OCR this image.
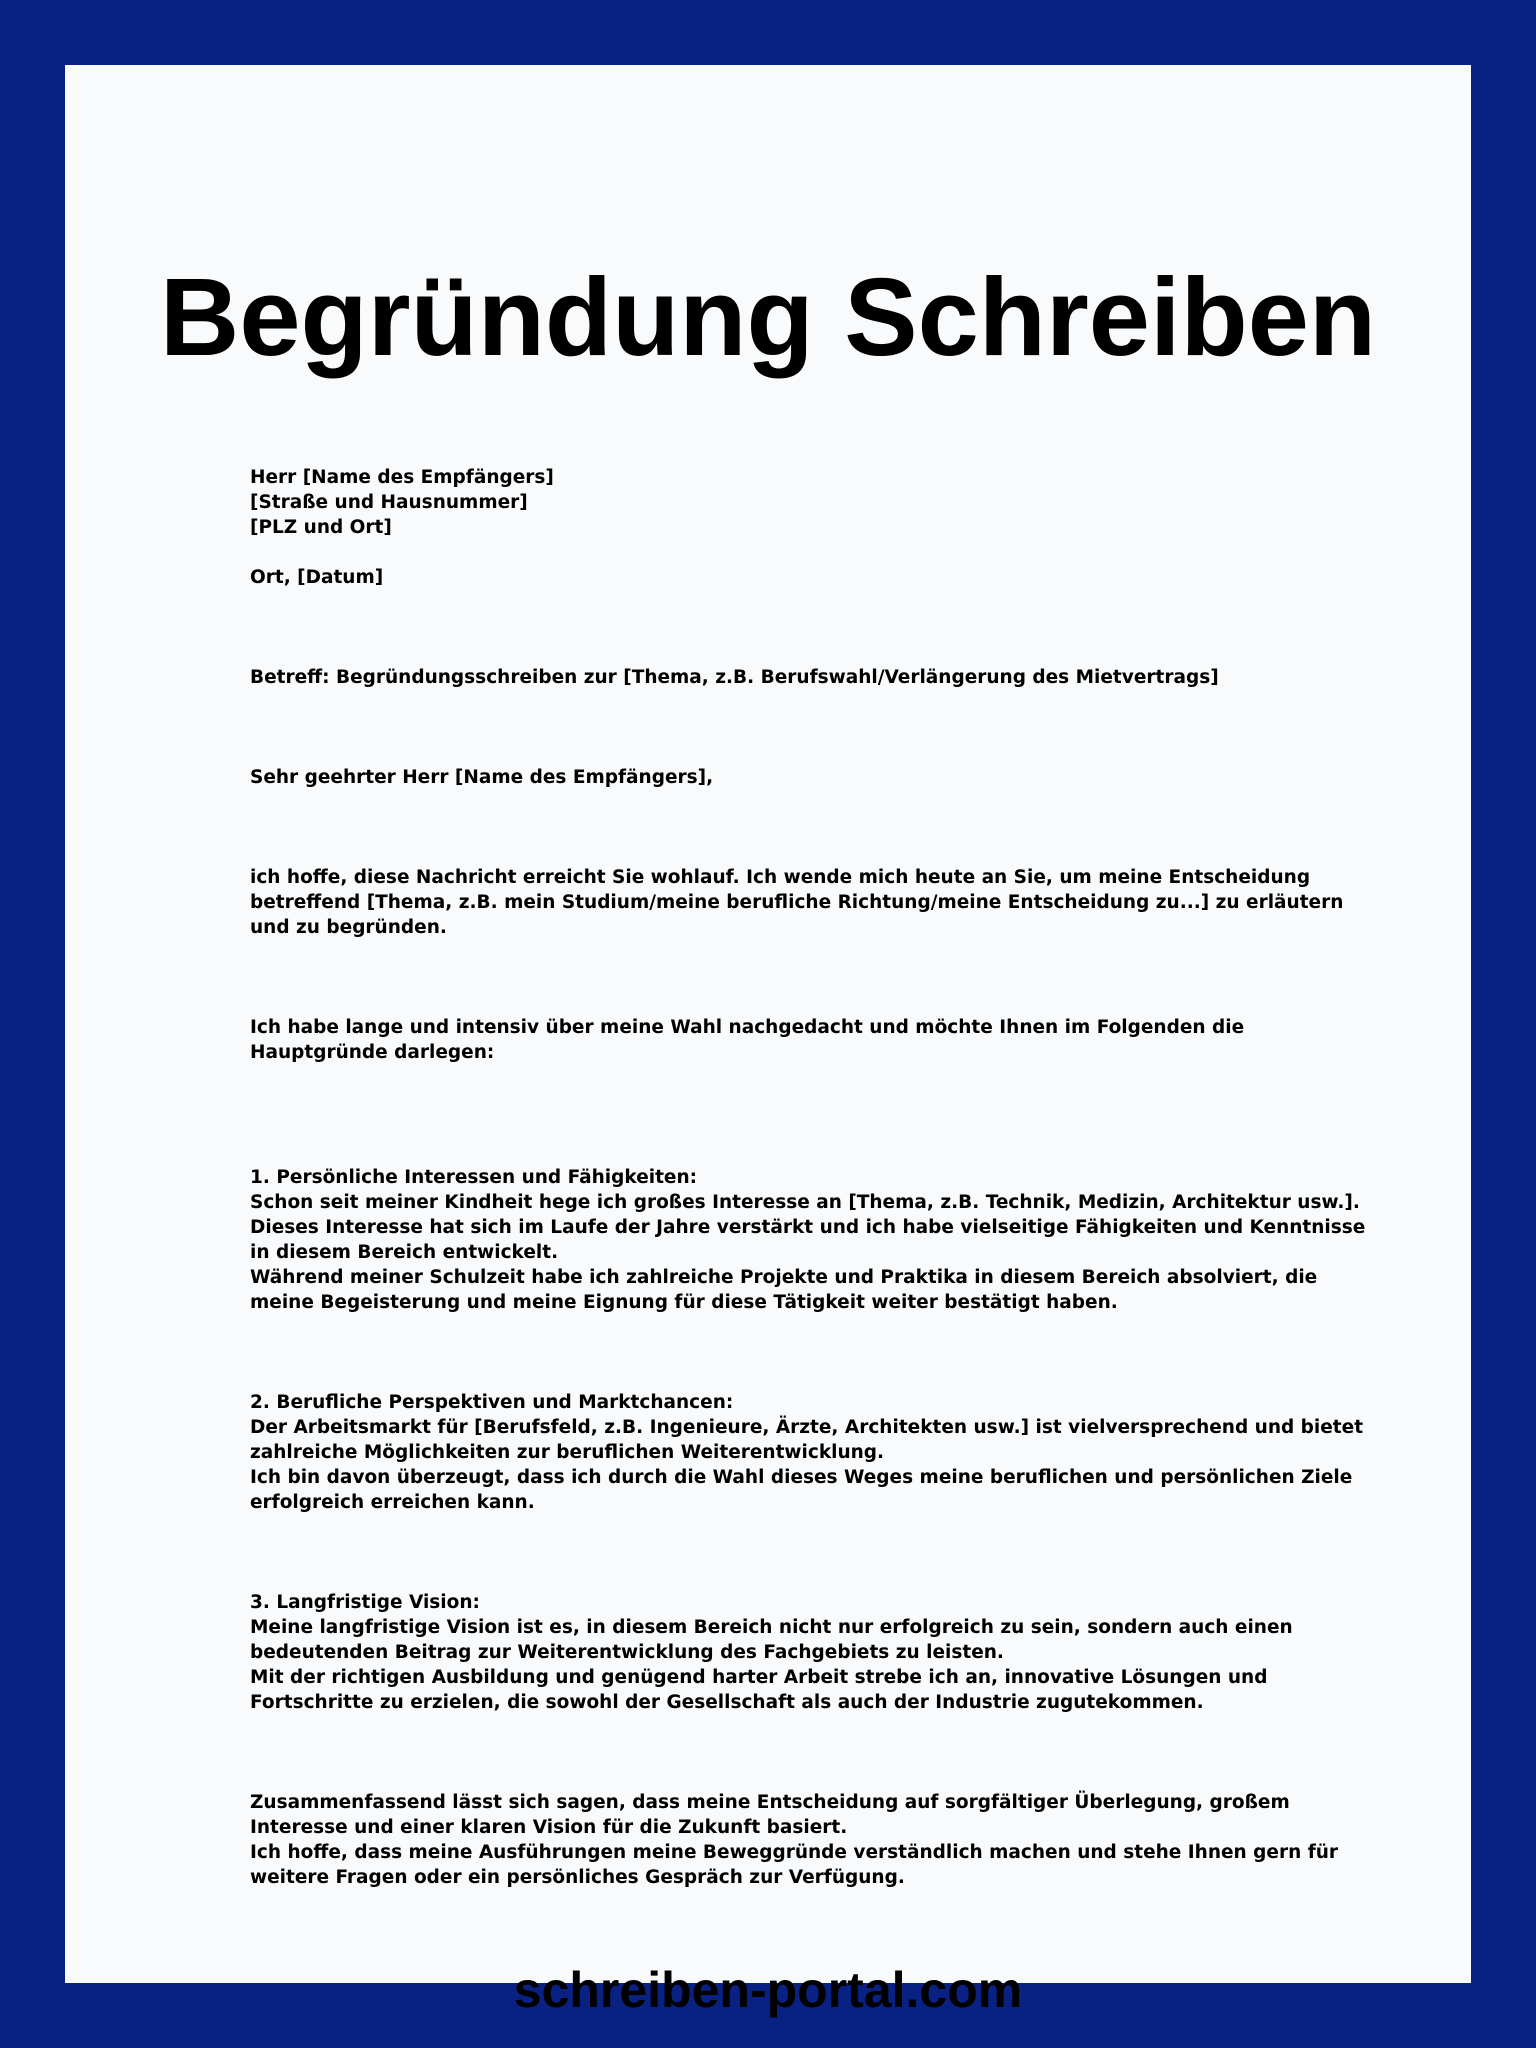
Begründung Schreiben
Herr [Name des Empfängers]
[Straße und Hausnummer]
[PLZ und Ort]
Ort, [Datum]
Betreff: Begründungsschreiben zur [Thema, z.B. Berufswahl/Verlängerung des Mietvertrags]
Sehr geehrter Herr [Name des Empfängers],
ich hoffe, diese Nachricht erreicht Sie wohlauf. Ich wende mich heute an Sie, um meine Entscheidung
betreffend [Thema, z.B. mein Studium/meine berufliche Richtung/meine Entscheidung zu...] zu erläutern
und zu begründen.
Ich habe lange und intensiv über meine Wahl nachgedacht und möchte Ihnen im Folgenden die
Hauptgründe darlegen:
1. Persönliche Interessen und Fähigkeiten:
Schon seit meiner Kindheit hege ich großes Interesse an [Thema, z.B. Technik, Medizin, Architektur usw.].
Dieses Interesse hat sich im Laufe der Jahre verstärkt und ich habe vielseitige Fähigkeiten und Kenntnisse
in diesem Bereich entwickelt.
Während meiner Schulzeit habe ich zahlreiche Projekte und Praktika in diesem Bereich absolviert, die
meine Begeisterung und meine Eignung für diese Tätigkeit weiter bestätigt haben.
2. Berufliche Perspektiven und Marktchancen:
Der Arbeitsmarkt für [Berufsfeld, z.B. Ingenieure, Ärzte, Architekten usw.] ist vielversprechend und bietet
zahlreiche Möglichkeiten zur beruflichen Weiterentwicklung.
Ich bin davon überzeugt, dass ich durch die Wahl dieses Weges meine beruflichen und persönlichen Ziele
erfolgreich erreichen kann.
3. Langfristige Vision:
Meine langfristige Vision ist es, in diesem Bereich nicht nur erfolgreich zu sein, sondern auch einen
bedeutenden Beitrag zur Weiterentwicklung des Fachgebiets zu leisten.
Mit der richtigen Ausbildung und genügend harter Arbeit strebe ich an, innovative Lösungen und
Fortschritte zu erzielen, die sowohl der Gesellschaft als auch der Industrie zugutekommen.
Zusammenfassend lässt sich sagen, dass meine Entscheidung auf sorgfältiger Überlegung, großem
Interesse und einer klaren Vision für die Zukunft basiert.
Ich hoffe, dass meine Ausführungen meine Beweggründe verständlich machen und stehe Ihnen gern für
weitere Fragen oder ein persönliches Gespräch zur Verfügung.
schreiben-portal.com
